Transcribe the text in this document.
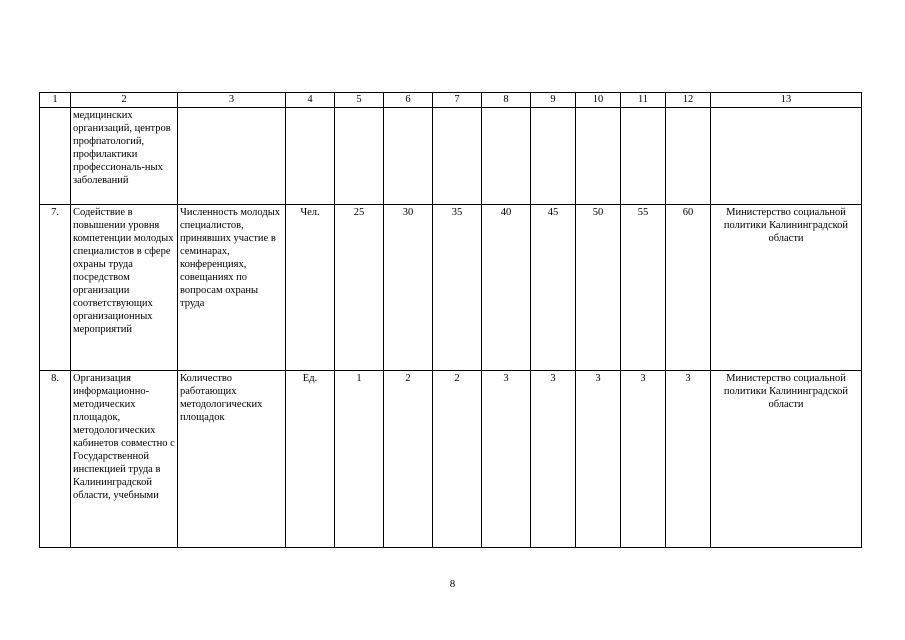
1	2	3	4	5	6	7	8	9	10	11	12	13
	медицинских организаций, центров профпатологий, профилактики профессиональ-ных заболеваний											
7.	Содействие в повышении уровня компетенции молодых специалистов в сфере охраны труда посредством организации соответствующих организационных мероприятий	Численность молодых специалистов, принявших участие в семинарах, конференциях, совещаниях по вопросам охраны труда	Чел.	25	30	35	40	45	50	55	60	Министерство социальной политики Калининградской области
8.	Организация информационно-методических площадок, методологических кабинетов совместно с Государственной инспекцией труда в Калининградской области, учебными	Количество работающих методологических площадок	Ед.	1	2	2	3	3	3	3	3	Министерство социальной политики Калининградской области
8
